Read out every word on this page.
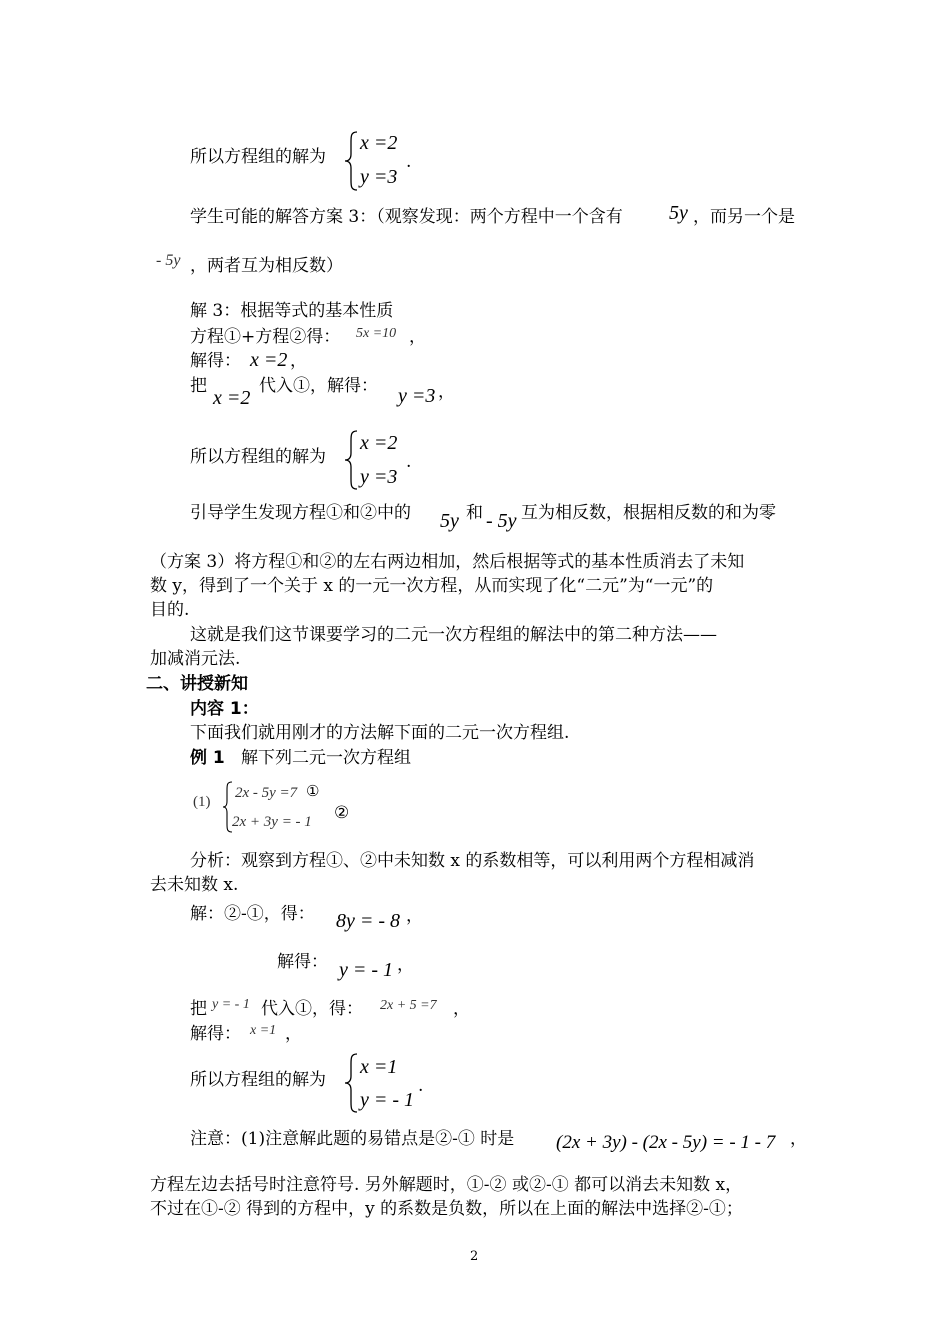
所以方程组的解为
x =2
y =3
.
学生可能的解答方案 3：（观察发现：两个方程中一个含有 5y ，而另一个是
- 5y ，两者互为相反数）
解 3：根据等式的基本性质
方程①+方程②得： 5x =10 ，
解得： x =2 ，
把
x =2
代入①，解得： y =3 ，
所以方程组的解为
x =2
y =3
.
引导学生发现方程①和②中的 5y 和 - 5y 互为相反数，根据相反数的和为零
（方案 3）将方程①和②的左右两边相加，然后根据等式的基本性质消去了未知
数 y，得到了一个关于 x 的一元一次方程，从而实现了化“二元”为“一元”的
目的.
这就是我们这节课要学习的二元一次方程组的解法中的第二种方法——
加减消元法.
二、讲授新知
内容 1：
下面我们就用刚才的方法解下面的二元一次方程组.
例 1 解下列二元一次方程组
(1)
2x - 5y =7 ①
2x + 3y = - 1 ②
分析：观察到方程①、②中未知数 x 的系数相等，可以利用两个方程相减消
去未知数 x.
解：②-①，得： 8y = - 8 ，
解得： y = - 1 ，
把 y = - 1 代入①，得： 2x + 5 =7 ，
解得： x =1 ，
所以方程组的解为
x =1
y = - 1
.
注意：(1)注意解此题的易错点是②-① 时是 (2x + 3y) - (2x - 5y) = - 1 - 7 ，
方程左边去括号时注意符号. 另外解题时，①-② 或②-① 都可以消去未知数 x，
不过在①-② 得到的方程中，y 的系数是负数，所以在上面的解法中选择②-①；
2
